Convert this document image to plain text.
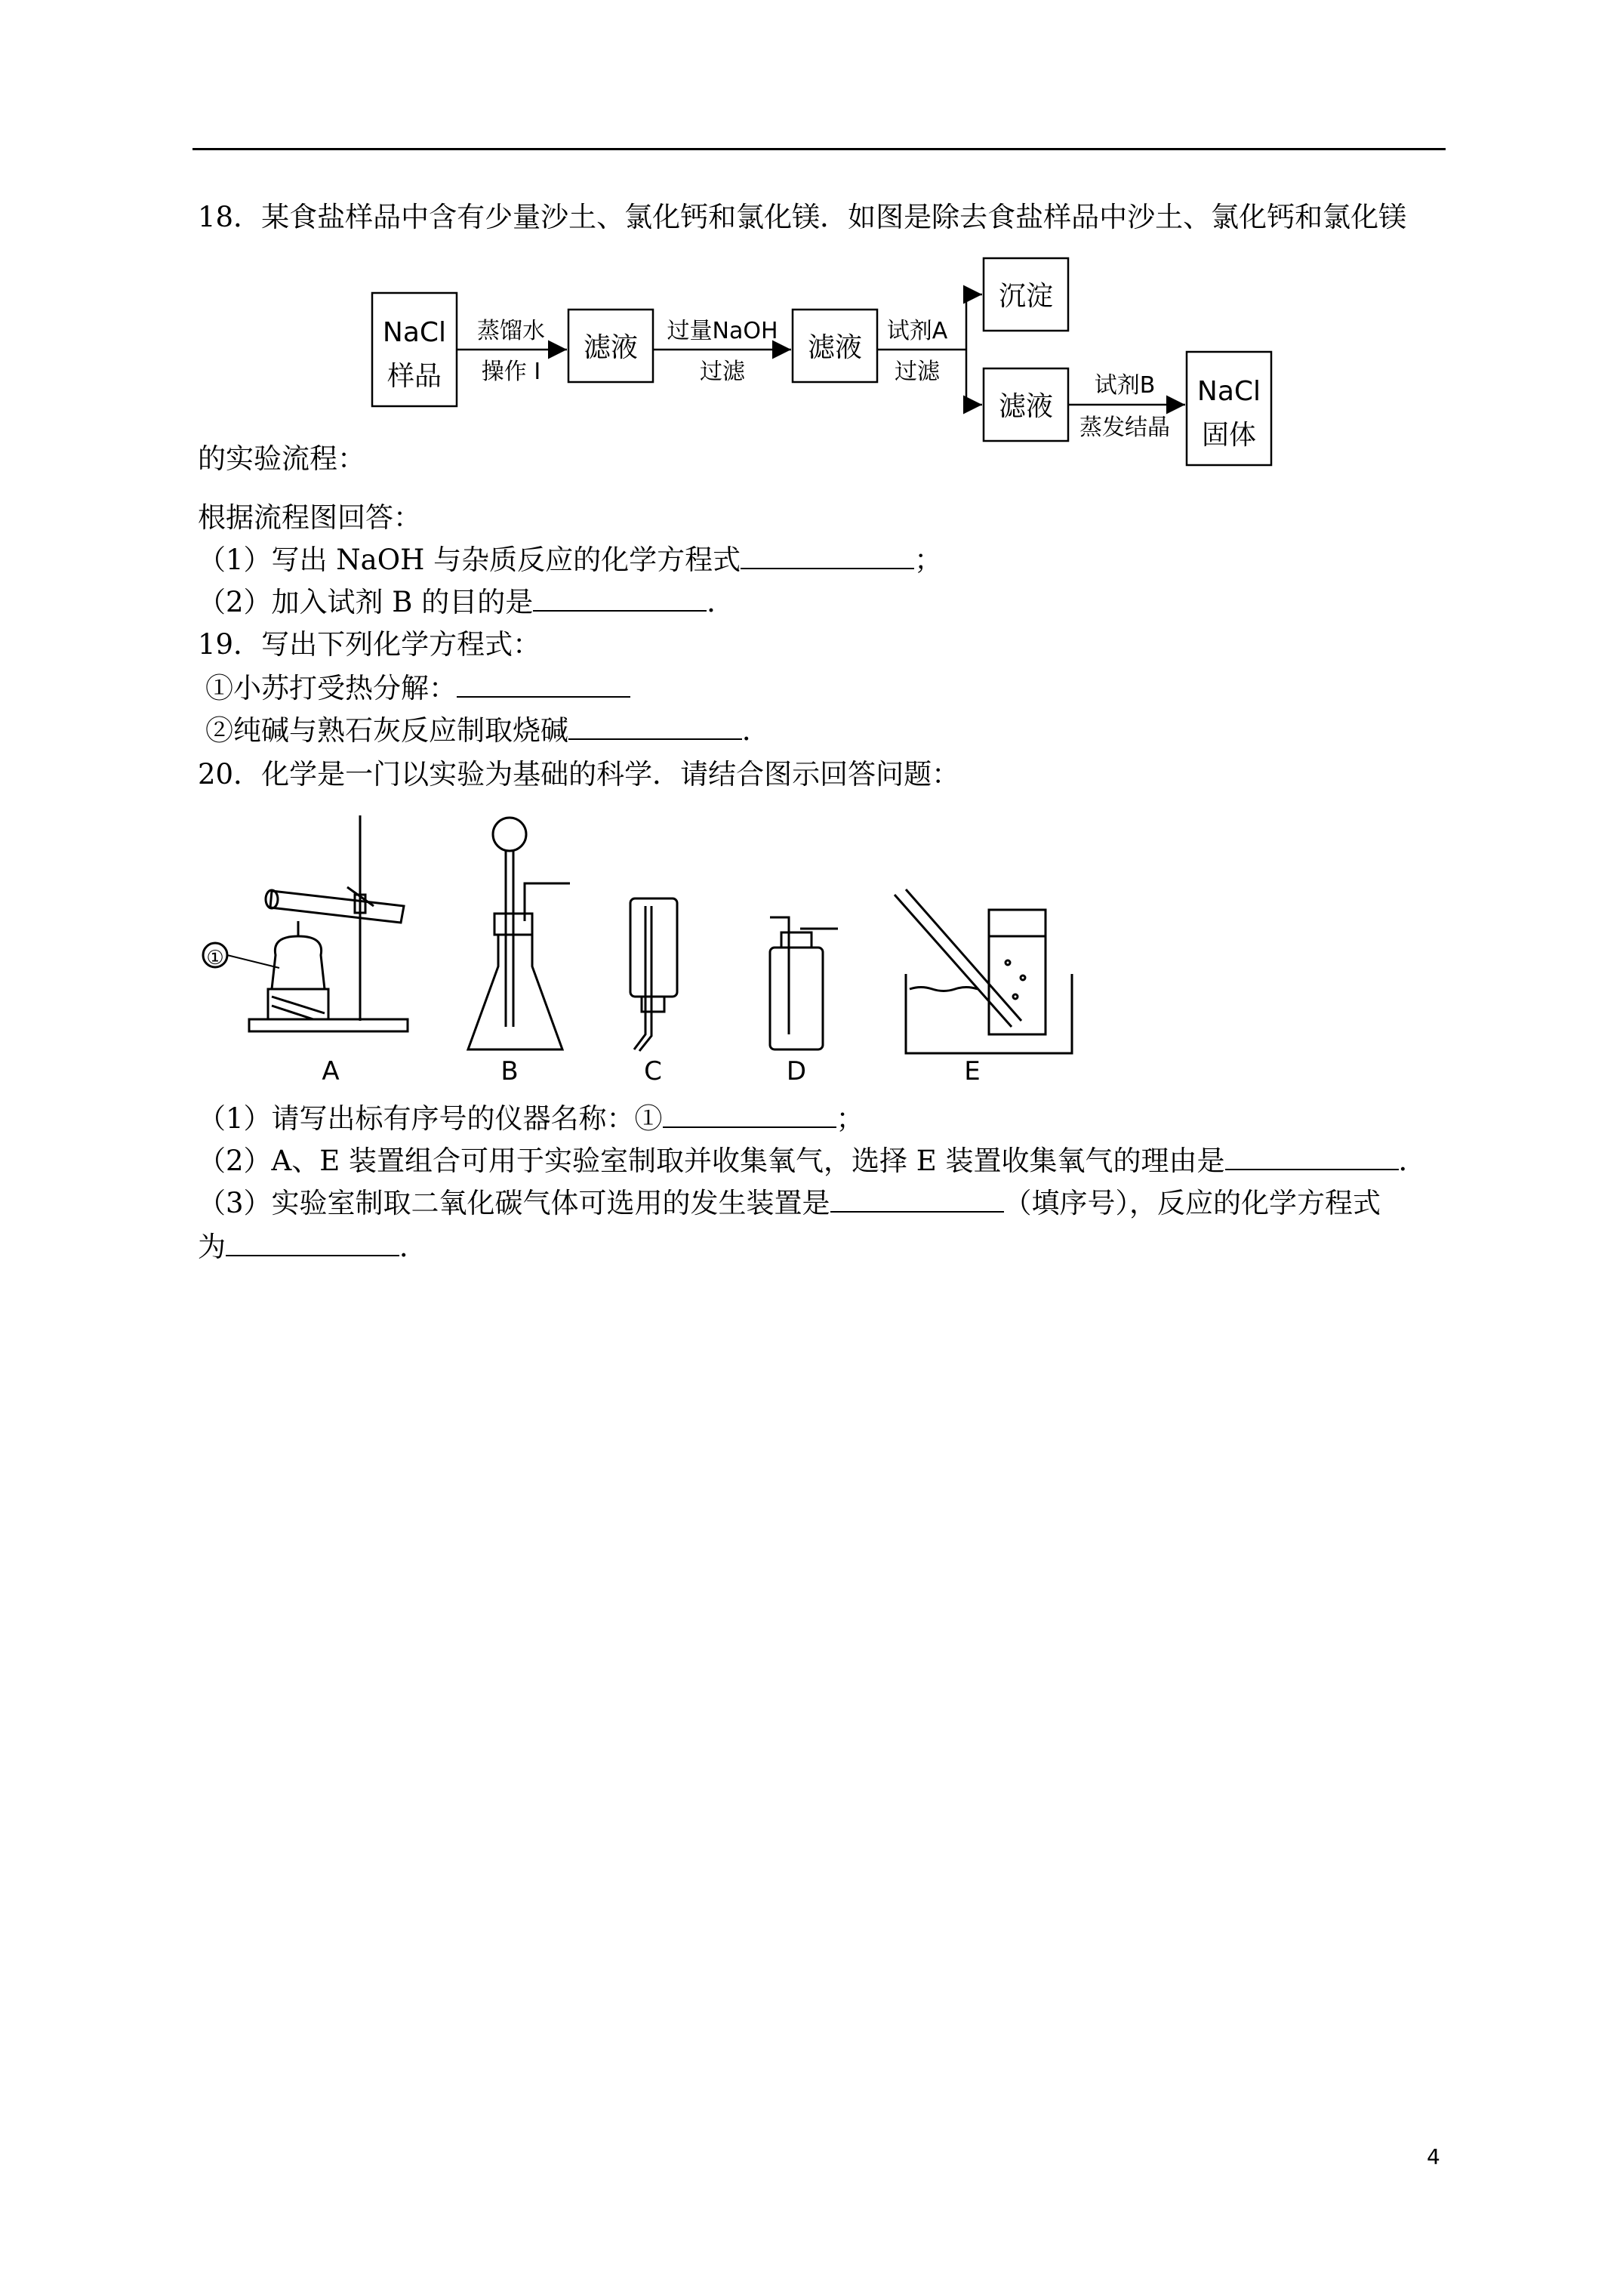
18．某食盐样品中含有少量沙土、氯化钙和氯化镁．如图是除去食盐样品中沙土、氯化钙和氯化镁
NaCl
样品
滤液	滤液
沉淀
滤液	NaCl
固体
蒸馏水
操作 I
过量NaOH
过滤
试剂A
过滤
试剂B
蒸发结晶
的实验流程：
根据流程图回答：
（1）写出 NaOH 与杂质反应的化学方程式	；
（2）加入试剂 B 的目的是	．
19．写出下列化学方程式：
①小苏打受热分解：
②纯碱与熟石灰反应制取烧碱	．
20．化学是一门以实验为基础的科学．请结合图示回答问题：
①
A	B	C	D	E
（1）请写出标有序号的仪器名称：①	；
（2）A、E 装置组合可用于实验室制取并收集氧气，选择 E 装置收集氧气的理由是	．
（3）实验室制取二氧化碳气体可选用的发生装置是	（填序号），反应的化学方程式
为	．
4
